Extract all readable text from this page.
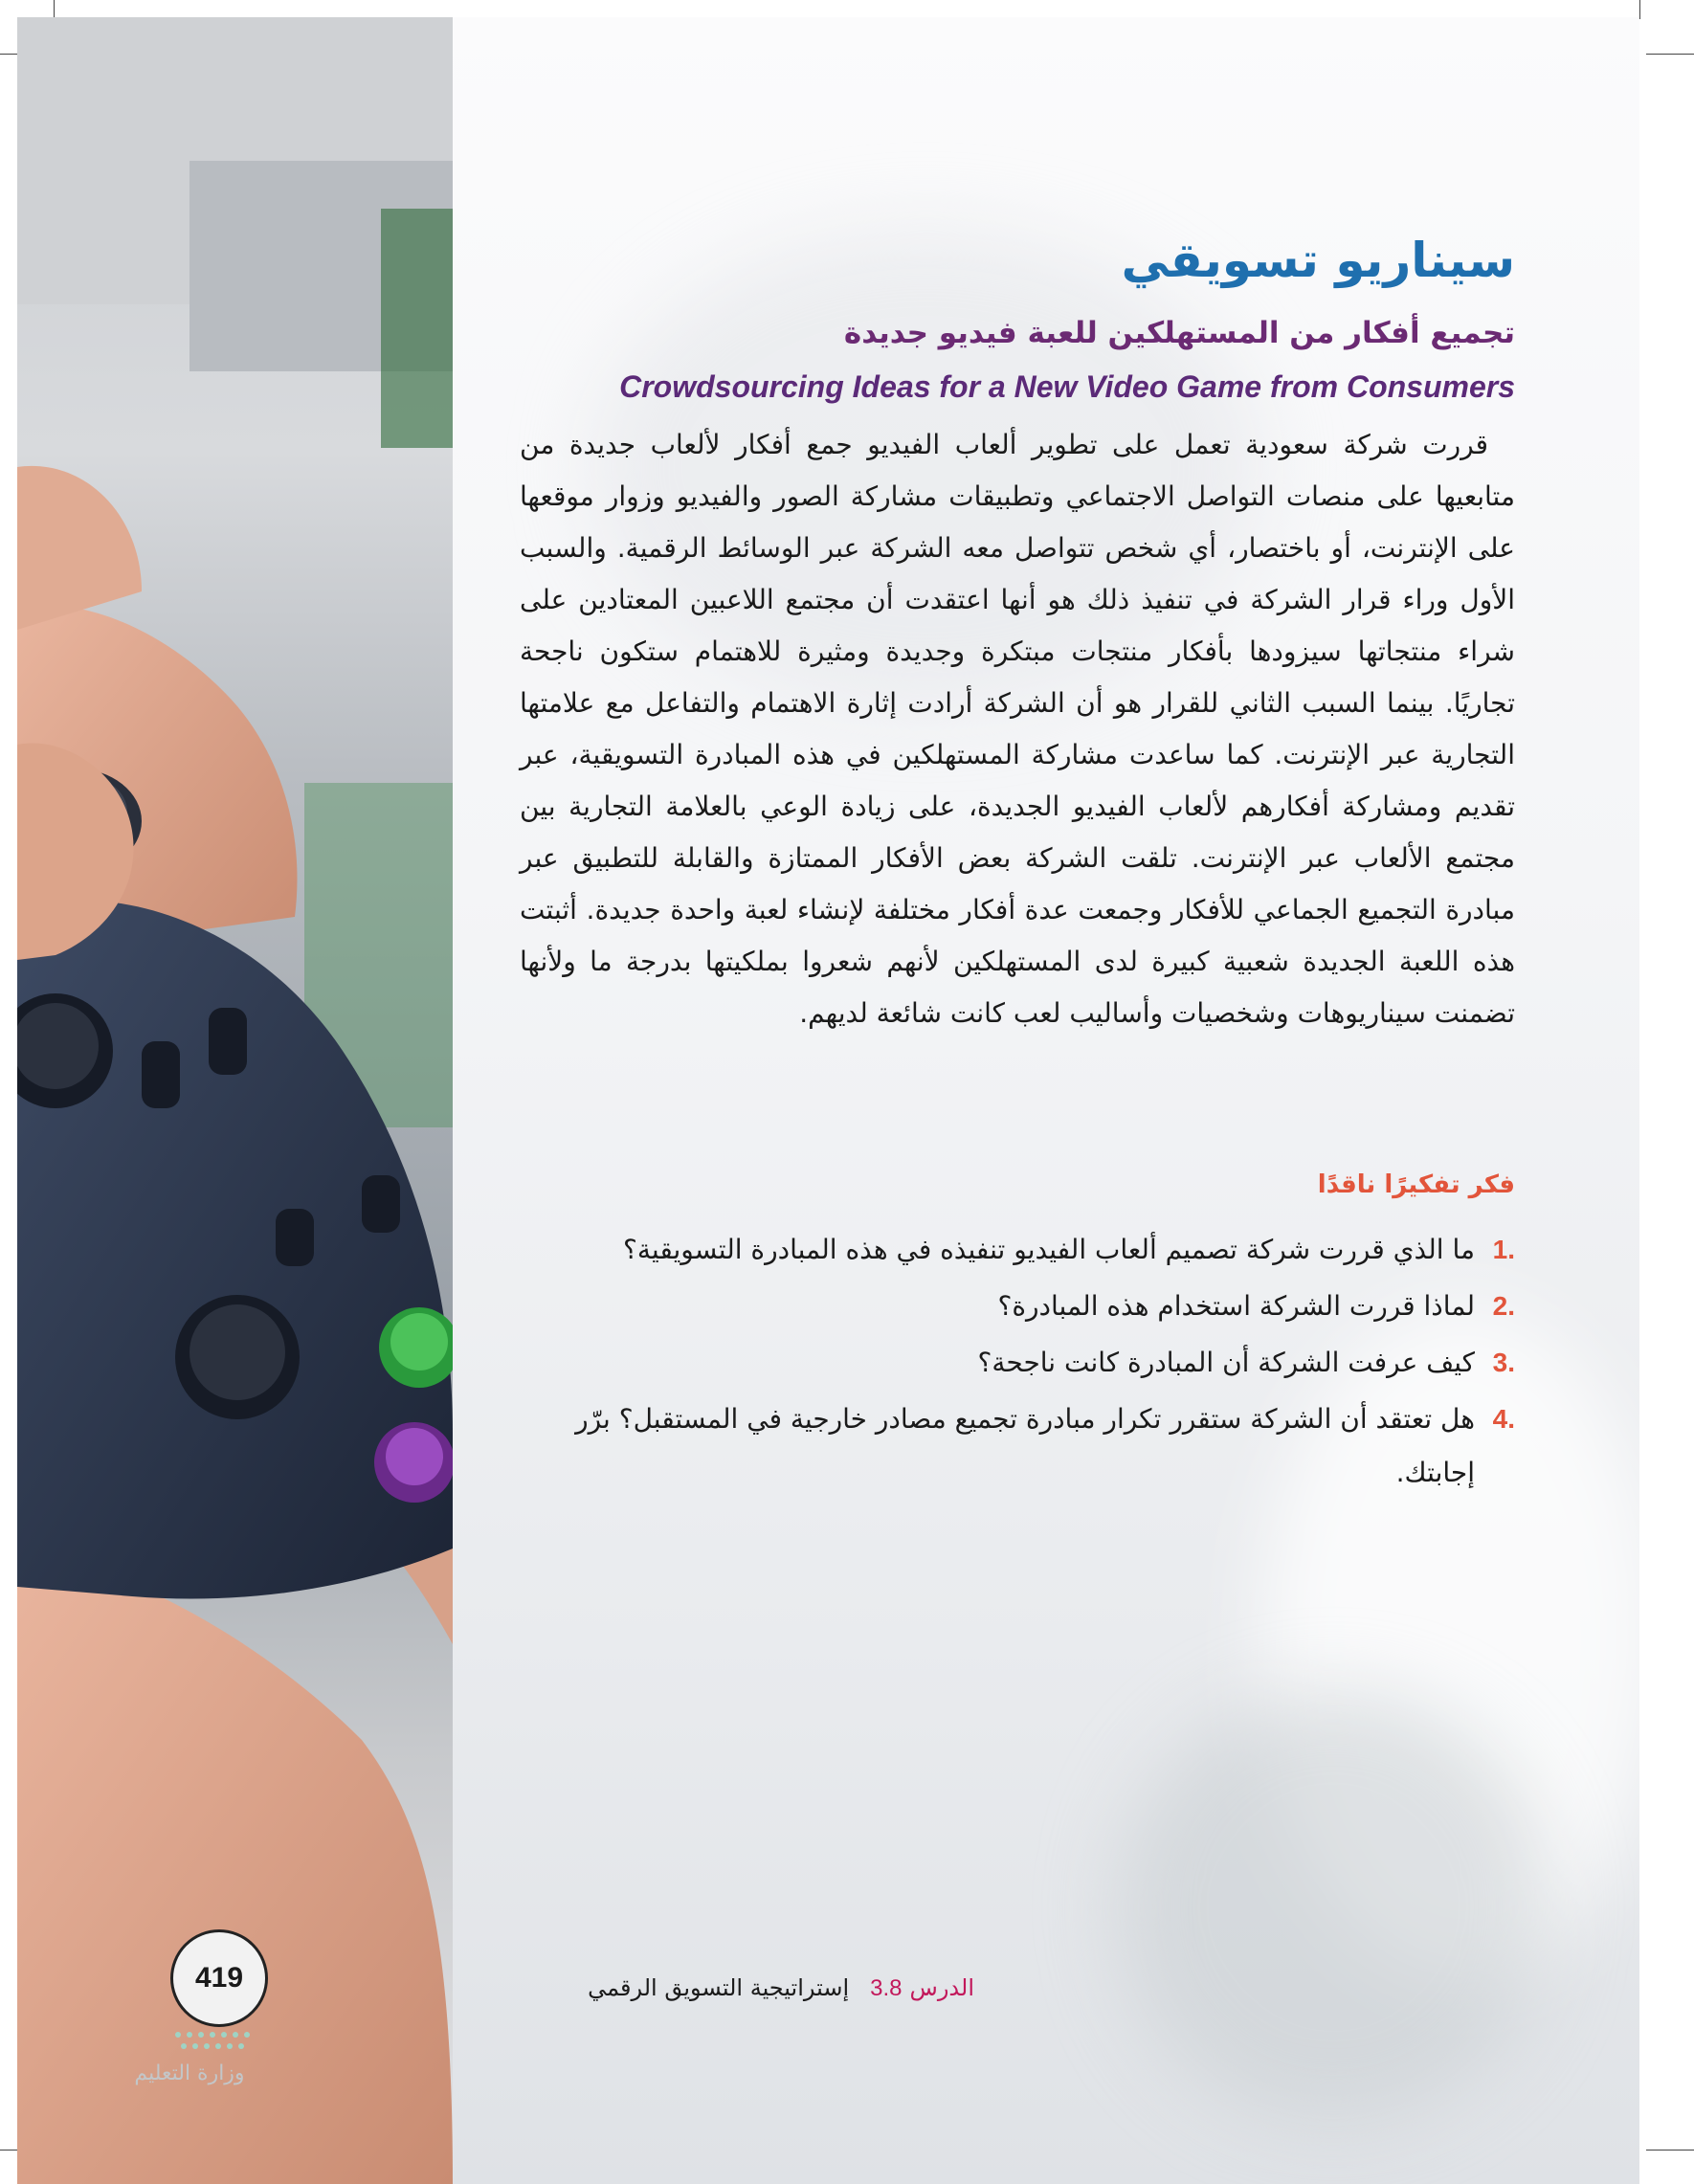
سيناريو تسويقي
تجميع أفكار من المستهلكين للعبة فيديو جديدة
Crowdsourcing Ideas for a New Video Game from Consumers

قررت شركة سعودية تعمل على تطوير ألعاب الفيديو جمع أفكار لألعاب جديدة من متابعيها على منصات التواصل الاجتماعي وتطبيقات مشاركة الصور والفيديو وزوار موقعها على الإنترنت، أو باختصار، أي شخص تتواصل معه الشركة عبر الوسائط الرقمية. والسبب الأول وراء قرار الشركة في تنفيذ ذلك هو أنها اعتقدت أن مجتمع اللاعبين المعتادين على شراء منتجاتها سيزودها بأفكار منتجات مبتكرة وجديدة ومثيرة للاهتمام ستكون ناجحة تجاريًا. بينما السبب الثاني للقرار هو أن الشركة أرادت إثارة الاهتمام والتفاعل مع علامتها التجارية عبر الإنترنت. كما ساعدت مشاركة المستهلكين في هذه المبادرة التسويقية، عبر تقديم ومشاركة أفكارهم لألعاب الفيديو الجديدة، على زيادة الوعي بالعلامة التجارية بين مجتمع الألعاب عبر الإنترنت. تلقت الشركة بعض الأفكار الممتازة والقابلة للتطبيق عبر مبادرة التجميع الجماعي للأفكار وجمعت عدة أفكار مختلفة لإنشاء لعبة واحدة جديدة. أثبتت هذه اللعبة الجديدة شعبية كبيرة لدى المستهلكين لأنهم شعروا بملكيتها بدرجة ما ولأنها تضمنت سيناريوهات وشخصيات وأساليب لعب كانت شائعة لديهم.

فكر تفكيرًا ناقدًا
1.
ما الذي قررت شركة تصميم ألعاب الفيديو تنفيذه في هذه المبادرة التسويقية؟
2.
لماذا قررت الشركة استخدام هذه المبادرة؟
3.
كيف عرفت الشركة أن المبادرة كانت ناجحة؟
4.
هل تعتقد أن الشركة ستقرر تكرار مبادرة تجميع مصادر خارجية في المستقبل؟ برّر إجابتك.
419
وزارة التعليم
الدرس3.8إستراتيجية التسويق الرقمي
